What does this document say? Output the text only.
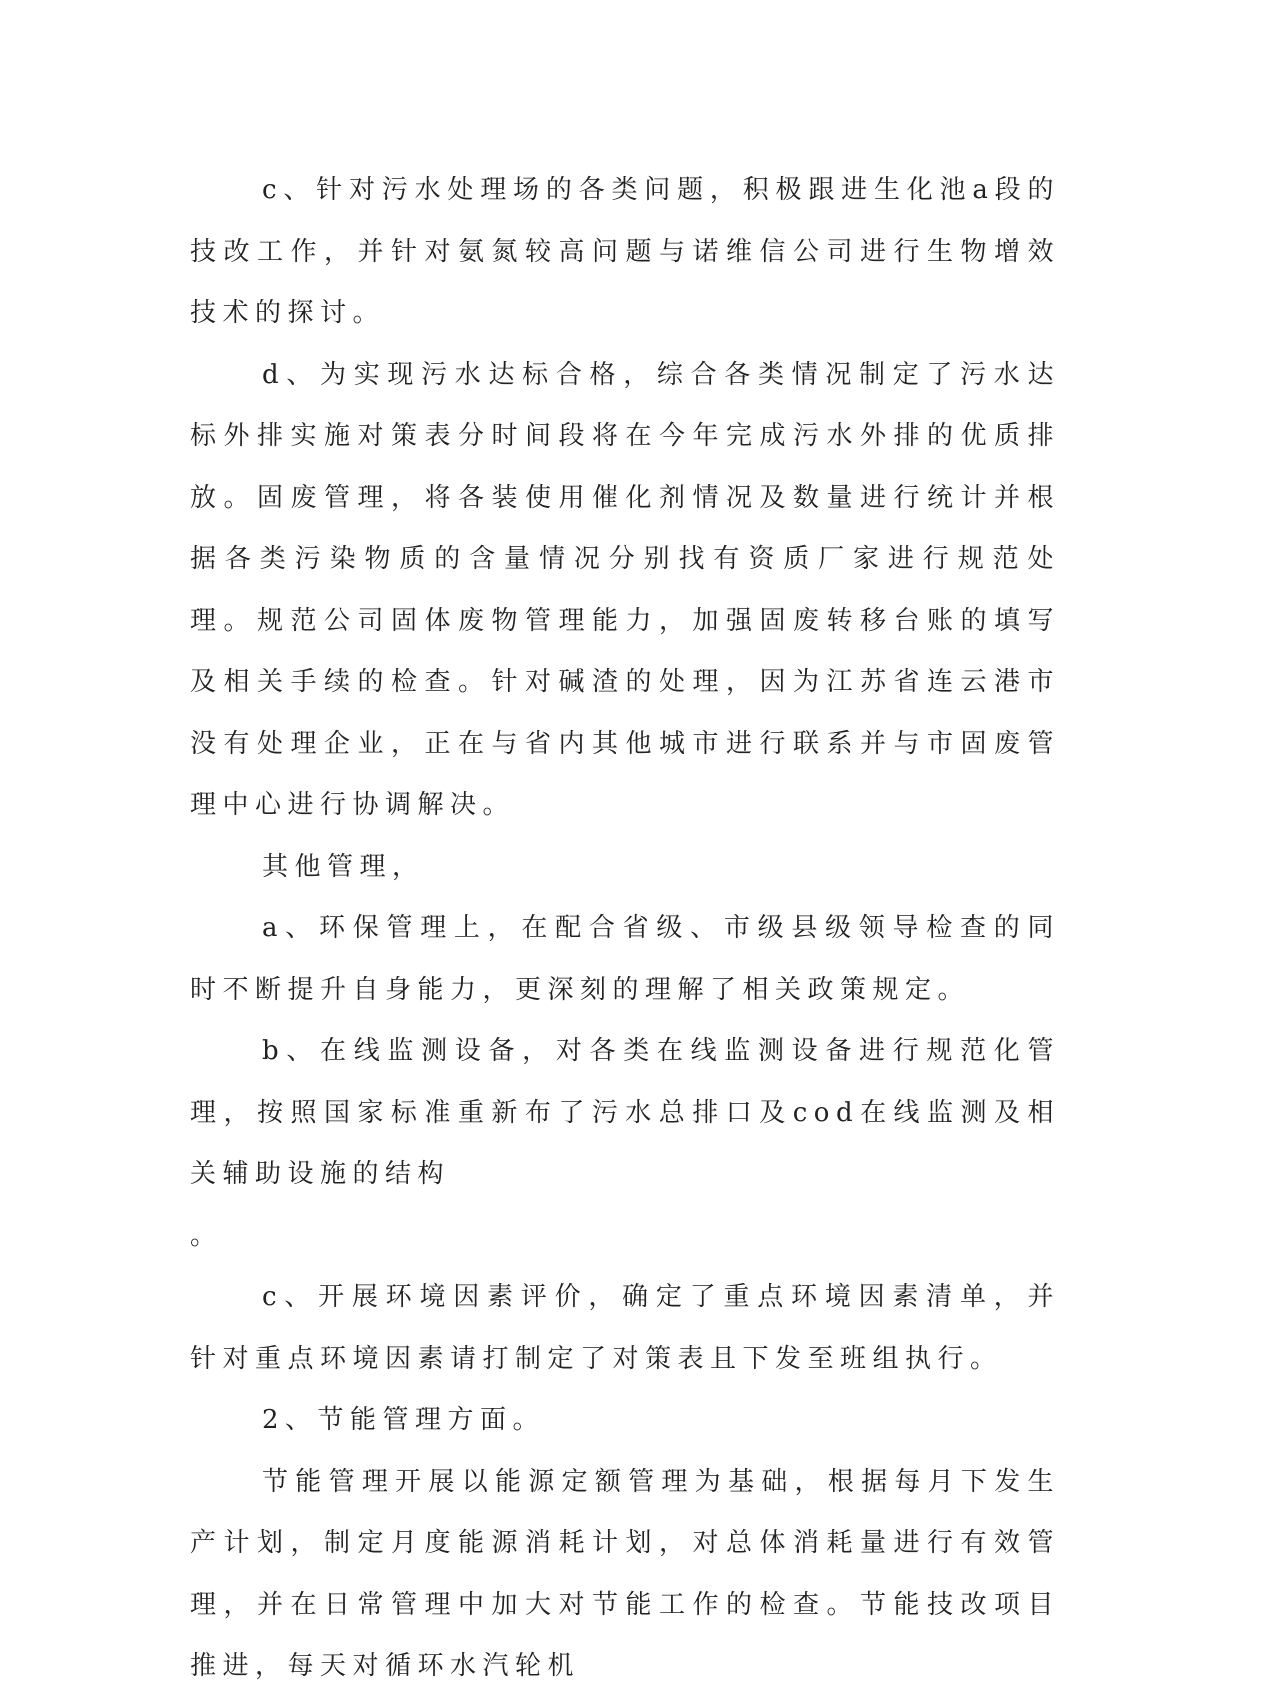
c、针对污水处理场的各类问题，积极跟进生化池a段的技改工作，并针对氨氮较高问题与诺维信公司进行生物增效技术的探讨。

d、为实现污水达标合格，综合各类情况制定了污水达标外排实施对策表分时间段将在今年完成污水外排的优质排放。固废管理，将各装使用催化剂情况及数量进行统计并根据各类污染物质的含量情况分别找有资质厂家进行规范处理。规范公司固体废物管理能力，加强固废转移台账的填写及相关手续的检查。针对碱渣的处理，因为江苏省连云港市没有处理企业，正在与省内其他城市进行联系并与市固废管理中心进行协调解决。

其他管理，

a、环保管理上，在配合省级、市级县级领导检查的同时不断提升自身能力，更深刻的理解了相关政策规定。

b、在线监测设备，对各类在线监测设备进行规范化管理，按照国家标准重新布了污水总排口及cod在线监测及相关辅助设施的结构

。

c、开展环境因素评价，确定了重点环境因素清单，并针对重点环境因素请打制定了对策表且下发至班组执行。

2、节能管理方面。

节能管理开展以能源定额管理为基础，根据每月下发生产计划，制定月度能源消耗计划，对总体消耗量进行有效管理，并在日常管理中加大对节能工作的检查。节能技改项目推进，每天对循环水汽轮机
